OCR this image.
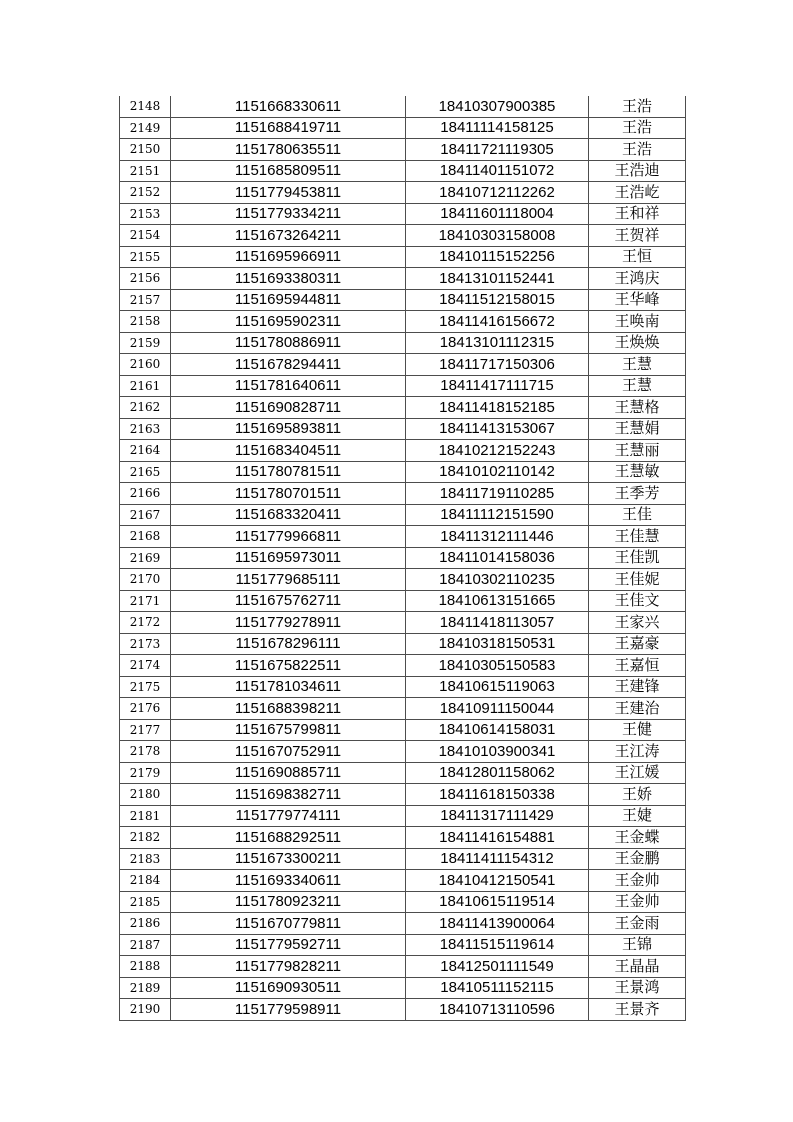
2148	1151668330611	18410307900385	王浩
2149	1151688419711	18411114158125	王浩
2150	1151780635511	18411721119305	王浩
2151	1151685809511	18411401151072	王浩迪
2152	1151779453811	18410712112262	王浩屹
2153	1151779334211	18411601118004	王和祥
2154	1151673264211	18410303158008	王贺祥
2155	1151695966911	18410115152256	王恒
2156	1151693380311	18413101152441	王鸿庆
2157	1151695944811	18411512158015	王华峰
2158	1151695902311	18411416156672	王唤南
2159	1151780886911	18413101112315	王焕焕
2160	1151678294411	18411717150306	王慧
2161	1151781640611	18411417111715	王慧
2162	1151690828711	18411418152185	王慧格
2163	1151695893811	18411413153067	王慧娟
2164	1151683404511	18410212152243	王慧丽
2165	1151780781511	18410102110142	王慧敏
2166	1151780701511	18411719110285	王季芳
2167	1151683320411	18411112151590	王佳
2168	1151779966811	18411312111446	王佳慧
2169	1151695973011	18411014158036	王佳凯
2170	1151779685111	18410302110235	王佳妮
2171	1151675762711	18410613151665	王佳文
2172	1151779278911	18411418113057	王家兴
2173	1151678296111	18410318150531	王嘉豪
2174	1151675822511	18410305150583	王嘉恒
2175	1151781034611	18410615119063	王建锋
2176	1151688398211	18410911150044	王建治
2177	1151675799811	18410614158031	王健
2178	1151670752911	18410103900341	王江涛
2179	1151690885711	18412801158062	王江媛
2180	1151698382711	18411618150338	王娇
2181	1151779774111	18411317111429	王婕
2182	1151688292511	18411416154881	王金蝶
2183	1151673300211	18411411154312	王金鹏
2184	1151693340611	18410412150541	王金帅
2185	1151780923211	18410615119514	王金帅
2186	1151670779811	18411413900064	王金雨
2187	1151779592711	18411515119614	王锦
2188	1151779828211	18412501111549	王晶晶
2189	1151690930511	18410511152115	王景鸿
2190	1151779598911	18410713110596	王景齐
